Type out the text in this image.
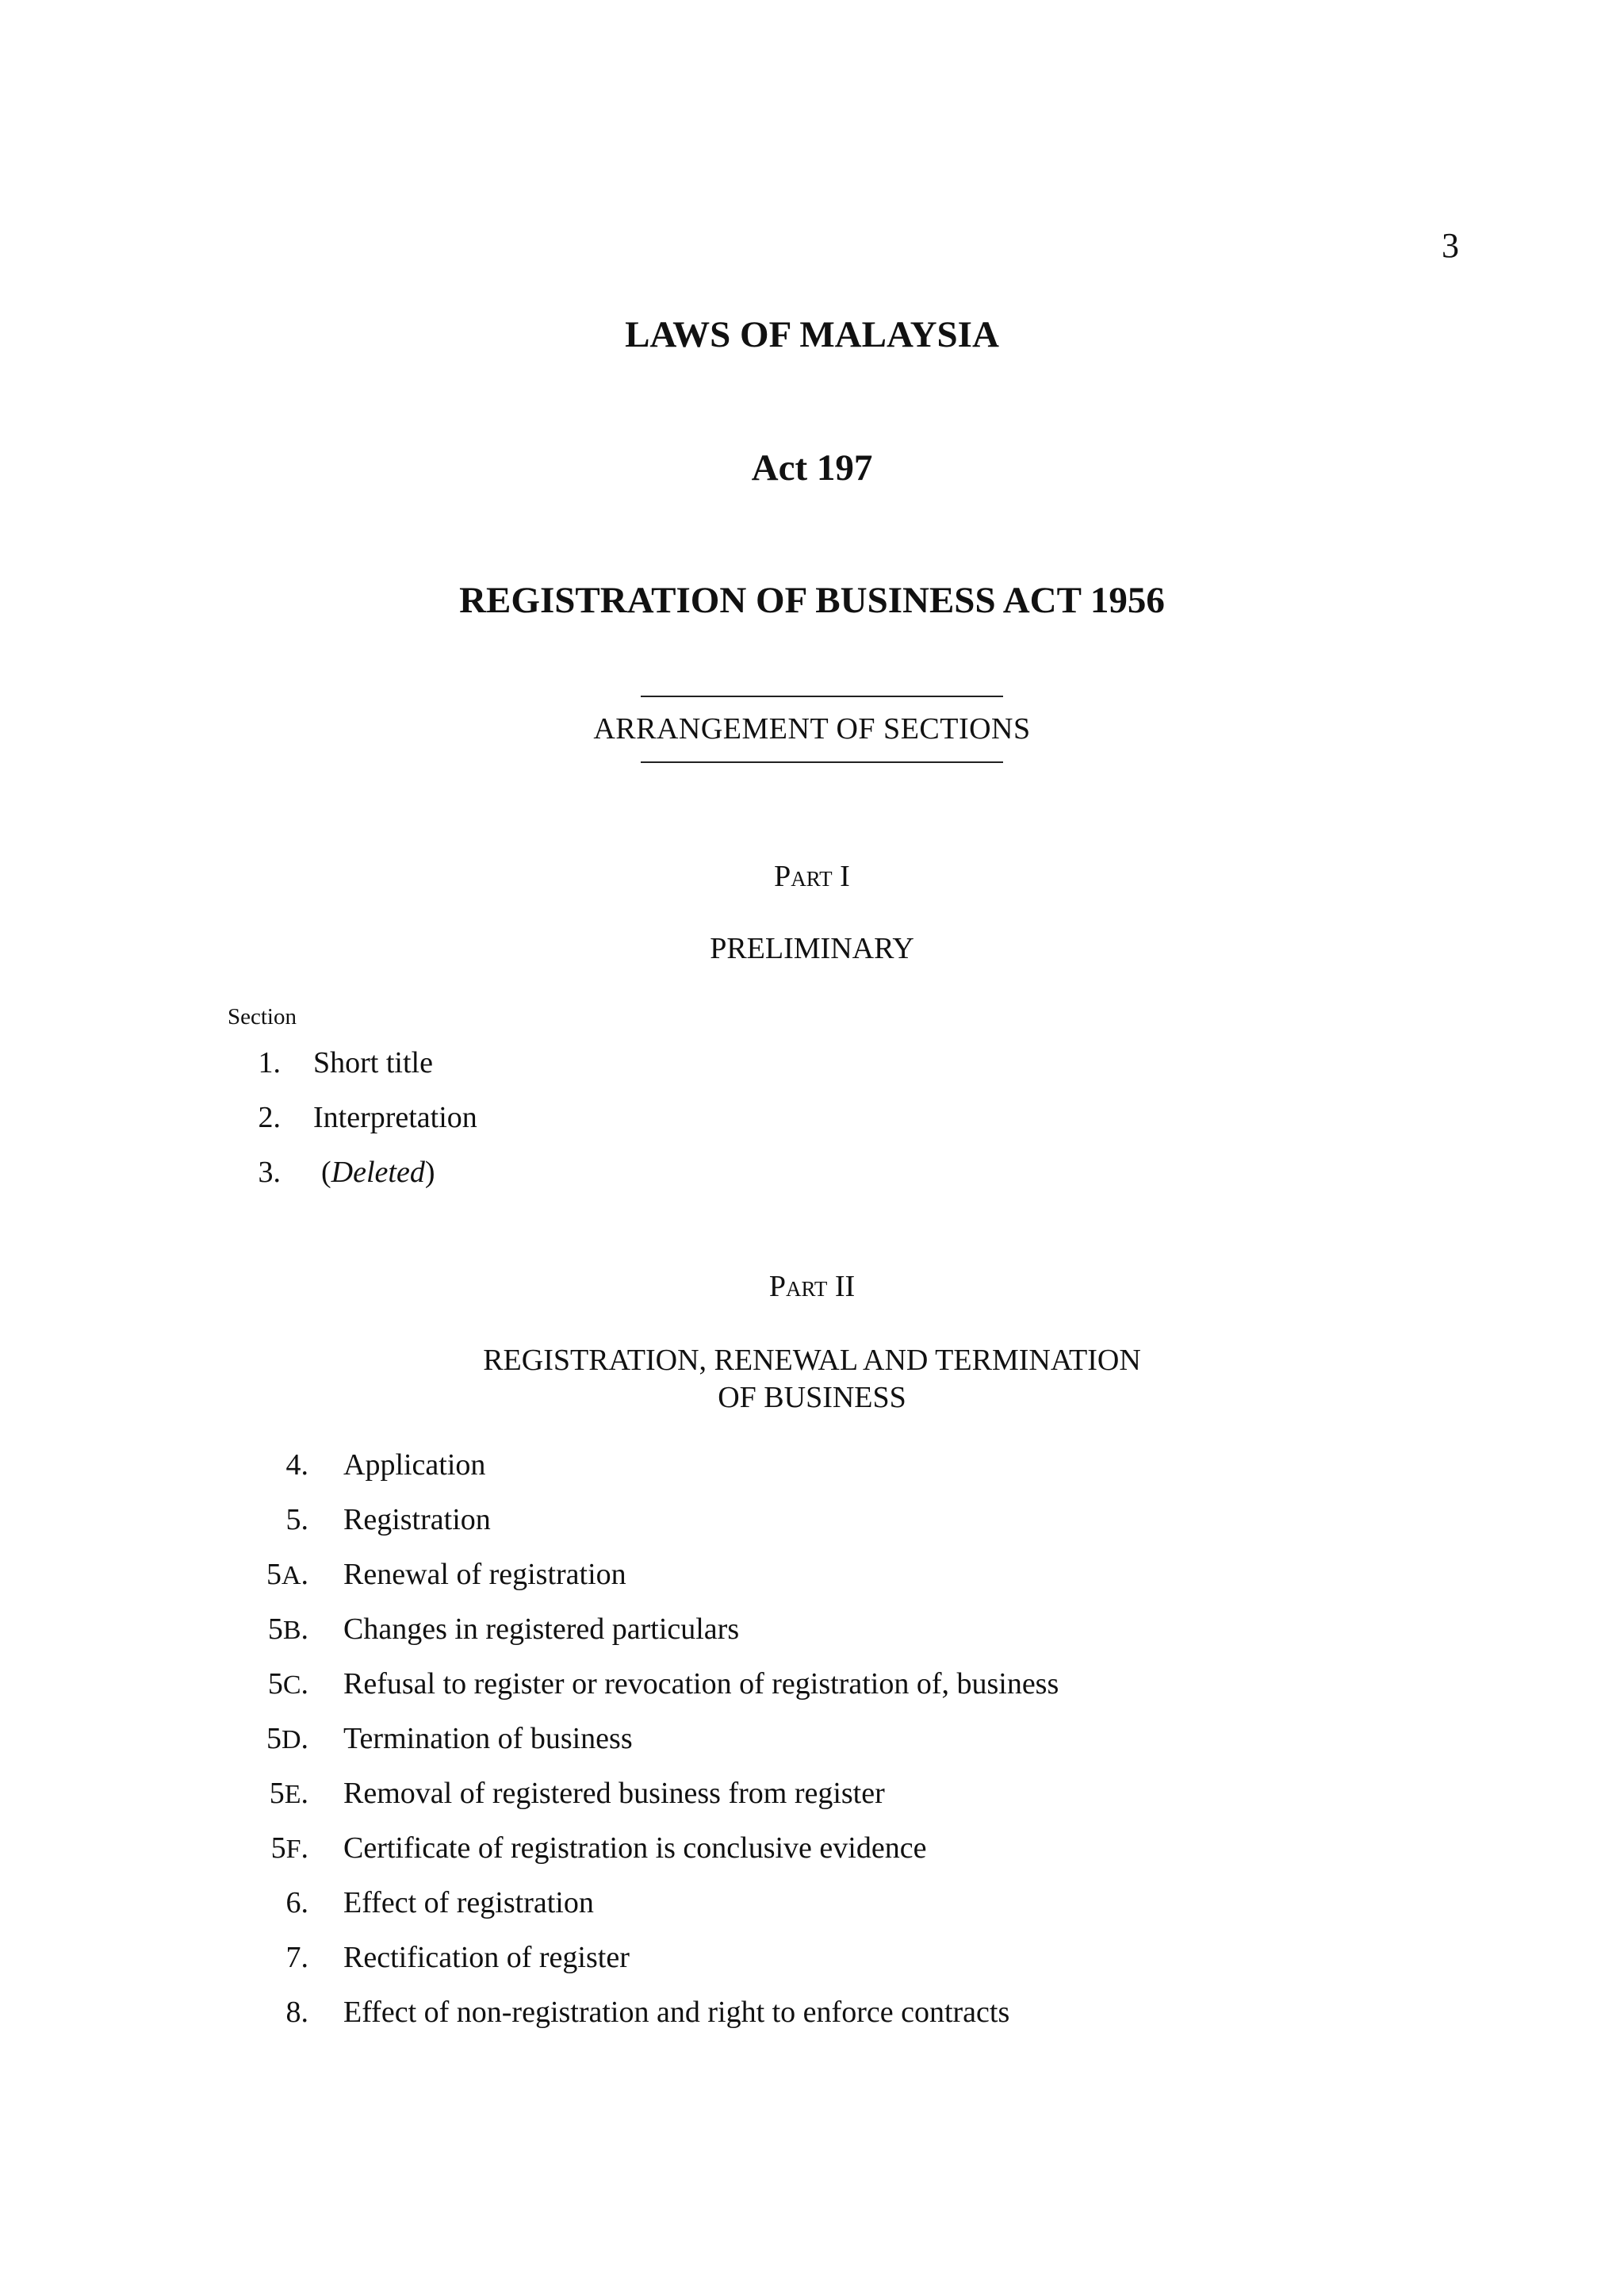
3
LAWS OF MALAYSIA
Act 197
REGISTRATION OF BUSINESS ACT 1956
ARRANGEMENT OF SECTIONS
Part I
PRELIMINARY
Section
1. Short title
2. Interpretation
3. (Deleted)
Part II
REGISTRATION, RENEWAL AND TERMINATION
OF BUSINESS
4. Application
5. Registration
5A. Renewal of registration
5B. Changes in registered particulars
5C. Refusal to register or revocation of registration of, business
5D. Termination of business
5E. Removal of registered business from register
5F. Certificate of registration is conclusive evidence
6. Effect of registration
7. Rectification of register
8. Effect of non-registration and right to enforce contracts
